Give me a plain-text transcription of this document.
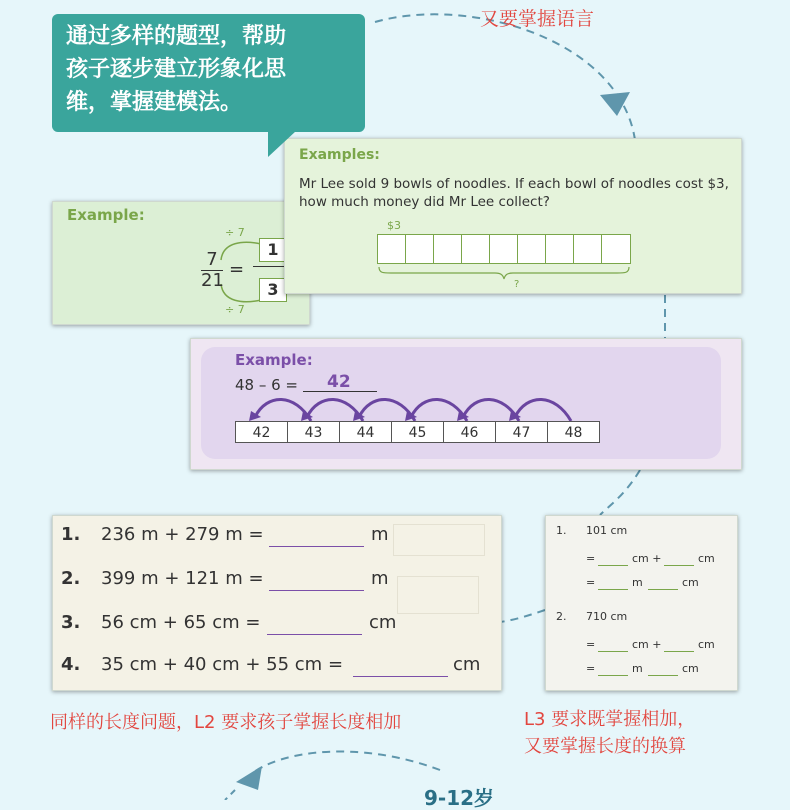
又要掌握语言
Example:
÷ 7
7
21
=
1
3
÷ 7
Examples:
Mr Lee sold 9 bowls of noodles. If each bowl of noodles cost $3,
how much money did Mr Lee collect?
$3
?
通过多样的题型，帮助
孩子逐步建立形象化思
维，掌握建模法。
Example:
48 – 6 = 42
42	43	44	45	46	47	48
1. 236 m + 279 m =	m
2. 399 m + 121 m =	m
3. 56 cm + 65 cm =	cm
4. 35 cm + 40 cm + 55 cm =	cm
1. 101 cm
=	cm +	cm
=	m	cm
2. 710 cm
=	cm +	cm
=	m	cm
同样的长度问题，L2 要求孩子掌握长度相加	L3 要求既掌握相加，
又要掌握长度的换算
9-12岁
